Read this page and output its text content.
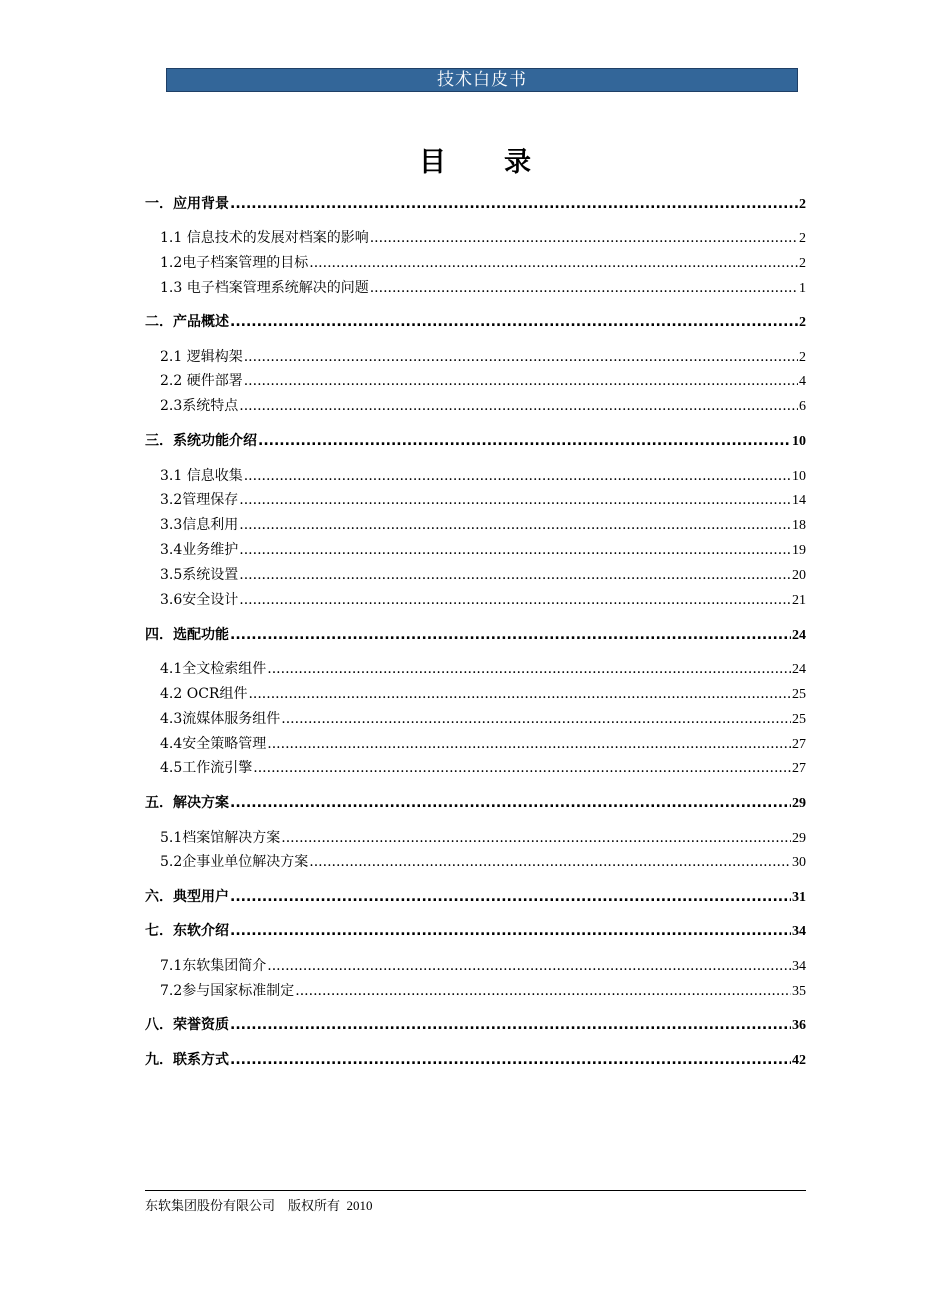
技术白皮书
目 录
一．应用背景 .....	2
1.1 信息技术的发展对档案的影响 .....	2
1.2电子档案管理的目标 .....	2
1.3 电子档案管理系统解决的问题 .....	1
二．产品概述 .....	2
2.1 逻辑构架 .....	2
2.2 硬件部署 .....	4
2.3系统特点 .....	6
三．系统功能介绍 .....	10
3.1 信息收集 .....	10
3.2管理保存 .....	14
3.3信息利用 .....	18
3.4业务维护 .....	19
3.5系统设置 .....	20
3.6安全设计 .....	21
四．选配功能 .....	24
4.1全文检索组件 .....	24
4.2 OCR组件 .....	25
4.3流媒体服务组件 .....	25
4.4安全策略管理 .....	27
4.5工作流引擎 .....	27
五．解决方案 .....	29
5.1档案馆解决方案 .....	29
5.2企事业单位解决方案 .....	30
六．典型用户 .....	31
七．东软介绍 .....	34
7.1东软集团简介 .....	34
7.2参与国家标准制定 .....	35
八．荣誉资质 .....	36
九．联系方式 .....	42
东软集团股份有限公司    版权所有  2010
